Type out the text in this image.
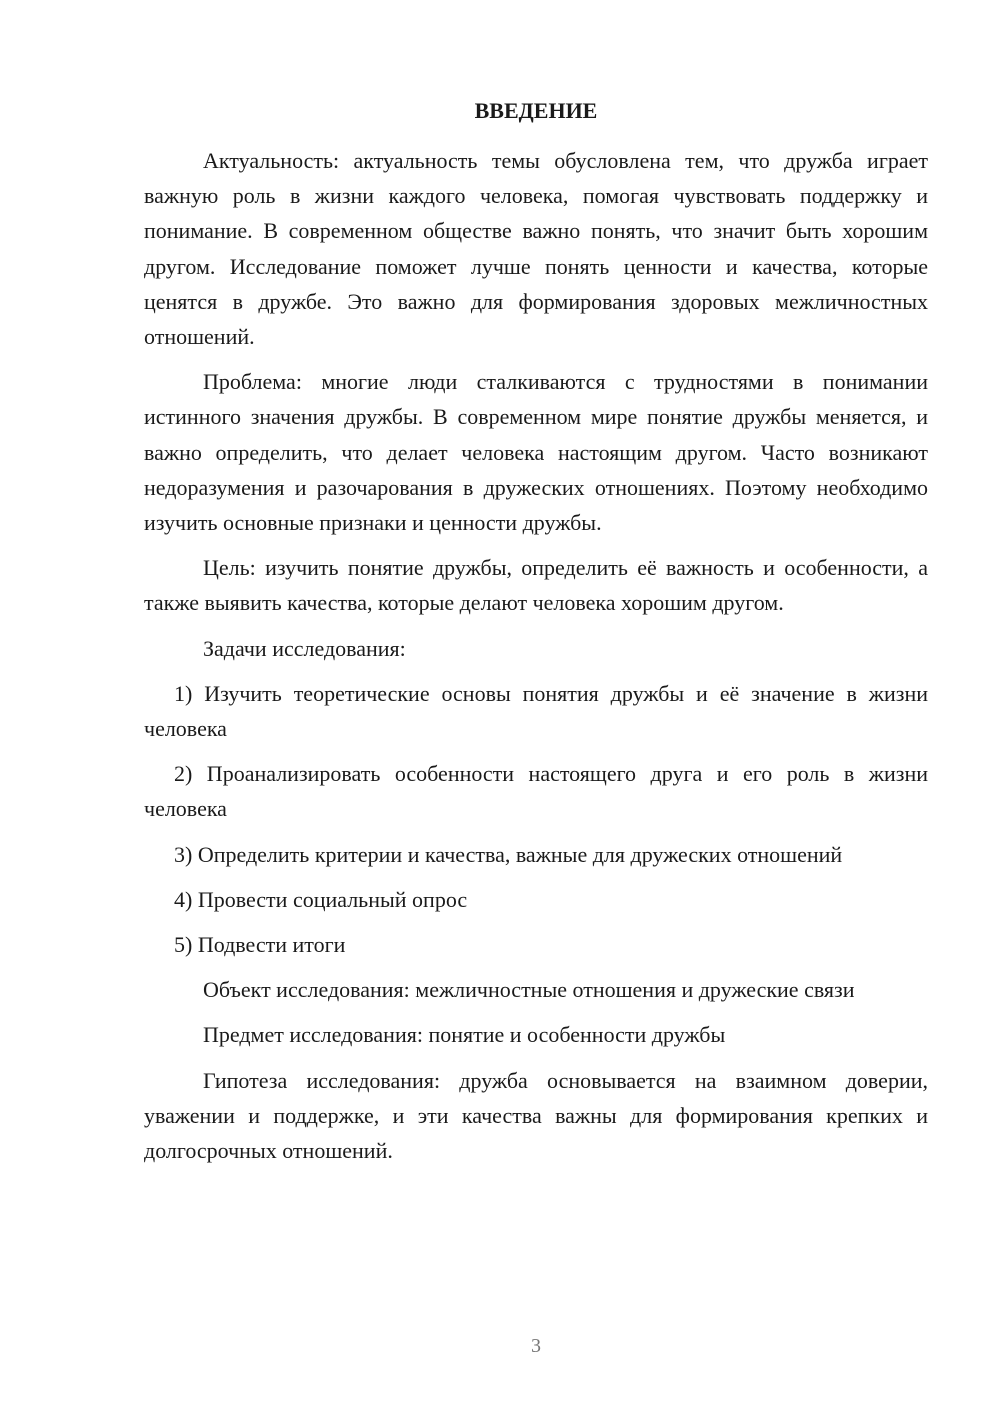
ВВЕДЕНИЕ

Актуальность: актуальность темы обусловлена тем, что дружба играет важную роль в жизни каждого человека, помогая чувствовать поддержку и понимание. В современном обществе важно понять, что значит быть хорошим другом. Исследование поможет лучше понять ценности и качества, которые ценятся в дружбе. Это важно для формирования здоровых межличностных отношений.

Проблема: многие люди сталкиваются с трудностями в понимании истинного значения дружбы. В современном мире понятие дружбы меняется, и важно определить, что делает человека настоящим другом. Часто возникают недоразумения и разочарования в дружеских отношениях. Поэтому необходимо изучить основные признаки и ценности дружбы.

Цель: изучить понятие дружбы, определить её важность и особенности, а также выявить качества, которые делают человека хорошим другом.

Задачи исследования:

1) Изучить теоретические основы понятия дружбы и её значение в жизни человека

2) Проанализировать особенности настоящего друга и его роль в жизни человека

3) Определить критерии и качества, важные для дружеских отношений

4) Провести социальный опрос

5) Подвести итоги

Объект исследования: межличностные отношения и дружеские связи

Предмет исследования: понятие и особенности дружбы

Гипотеза исследования: дружба основывается на взаимном доверии, уважении и поддержке, и эти качества важны для формирования крепких и долгосрочных отношений.

3
